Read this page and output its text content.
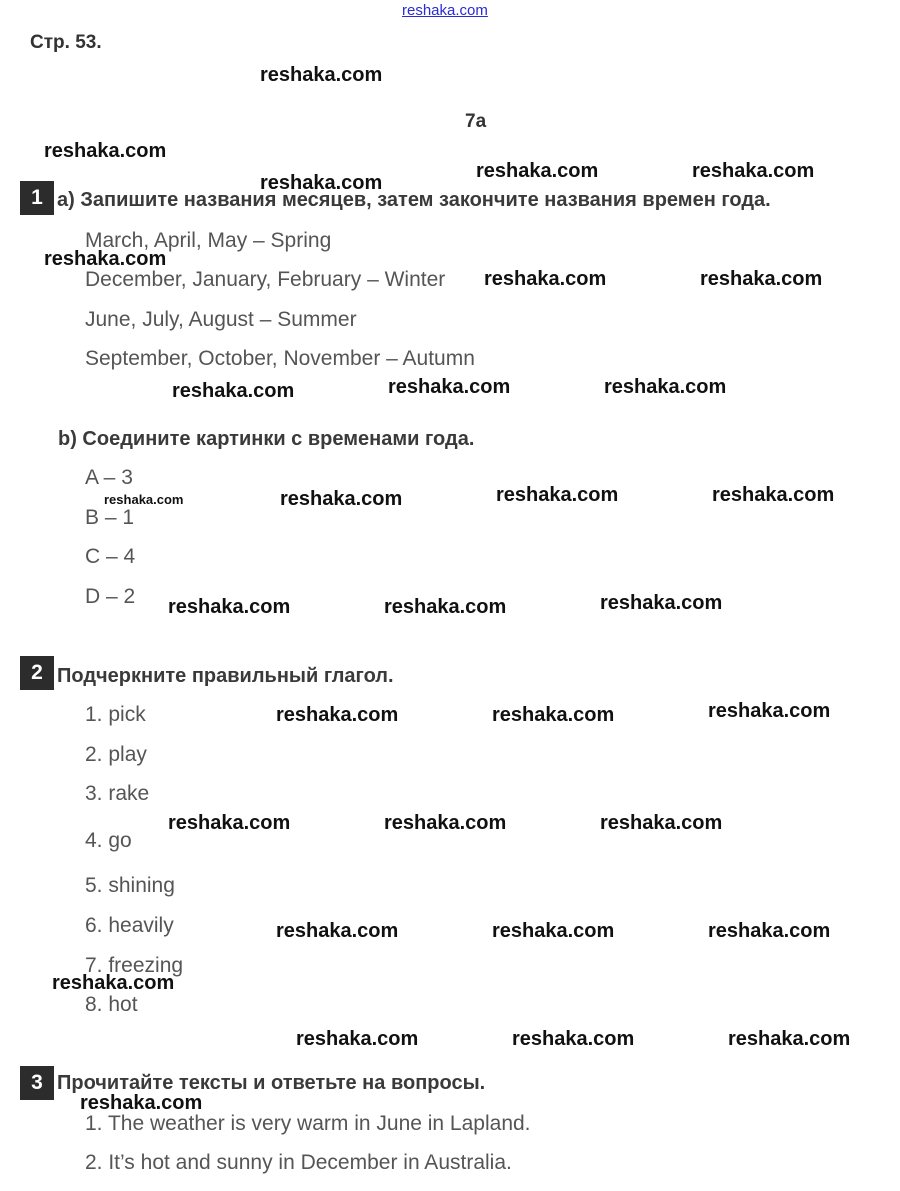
reshaka.com
Стр. 53.
7a
1 a) Запишите названия месяцев, затем закончите названия времен года.
March, April, May – Spring
December, January, February – Winter
June, July, August – Summer
September, October, November – Autumn
b) Соедините картинки с временами года.
A – 3
B – 1
C – 4
D – 2
2 Подчеркните правильный глагол.
1. pick
2. play
3. rake
4. go
5. shining
6. heavily
7. freezing
8. hot
3 Прочитайте тексты и ответьте на вопросы.
1. The weather is very warm in June in Lapland.
2. It’s hot and sunny in December in Australia.
reshaka.com
reshaka.com
reshaka.com	reshaka.com
reshaka.com
reshaka.com
reshaka.com	reshaka.com
reshaka.com	reshaka.com	reshaka.com
reshaka.com	reshaka.com	reshaka.com	reshaka.com
reshaka.com	reshaka.com	reshaka.com
reshaka.com	reshaka.com	reshaka.com
reshaka.com	reshaka.com	reshaka.com
reshaka.com	reshaka.com	reshaka.com
reshaka.com
reshaka.com	reshaka.com	reshaka.com
reshaka.com
